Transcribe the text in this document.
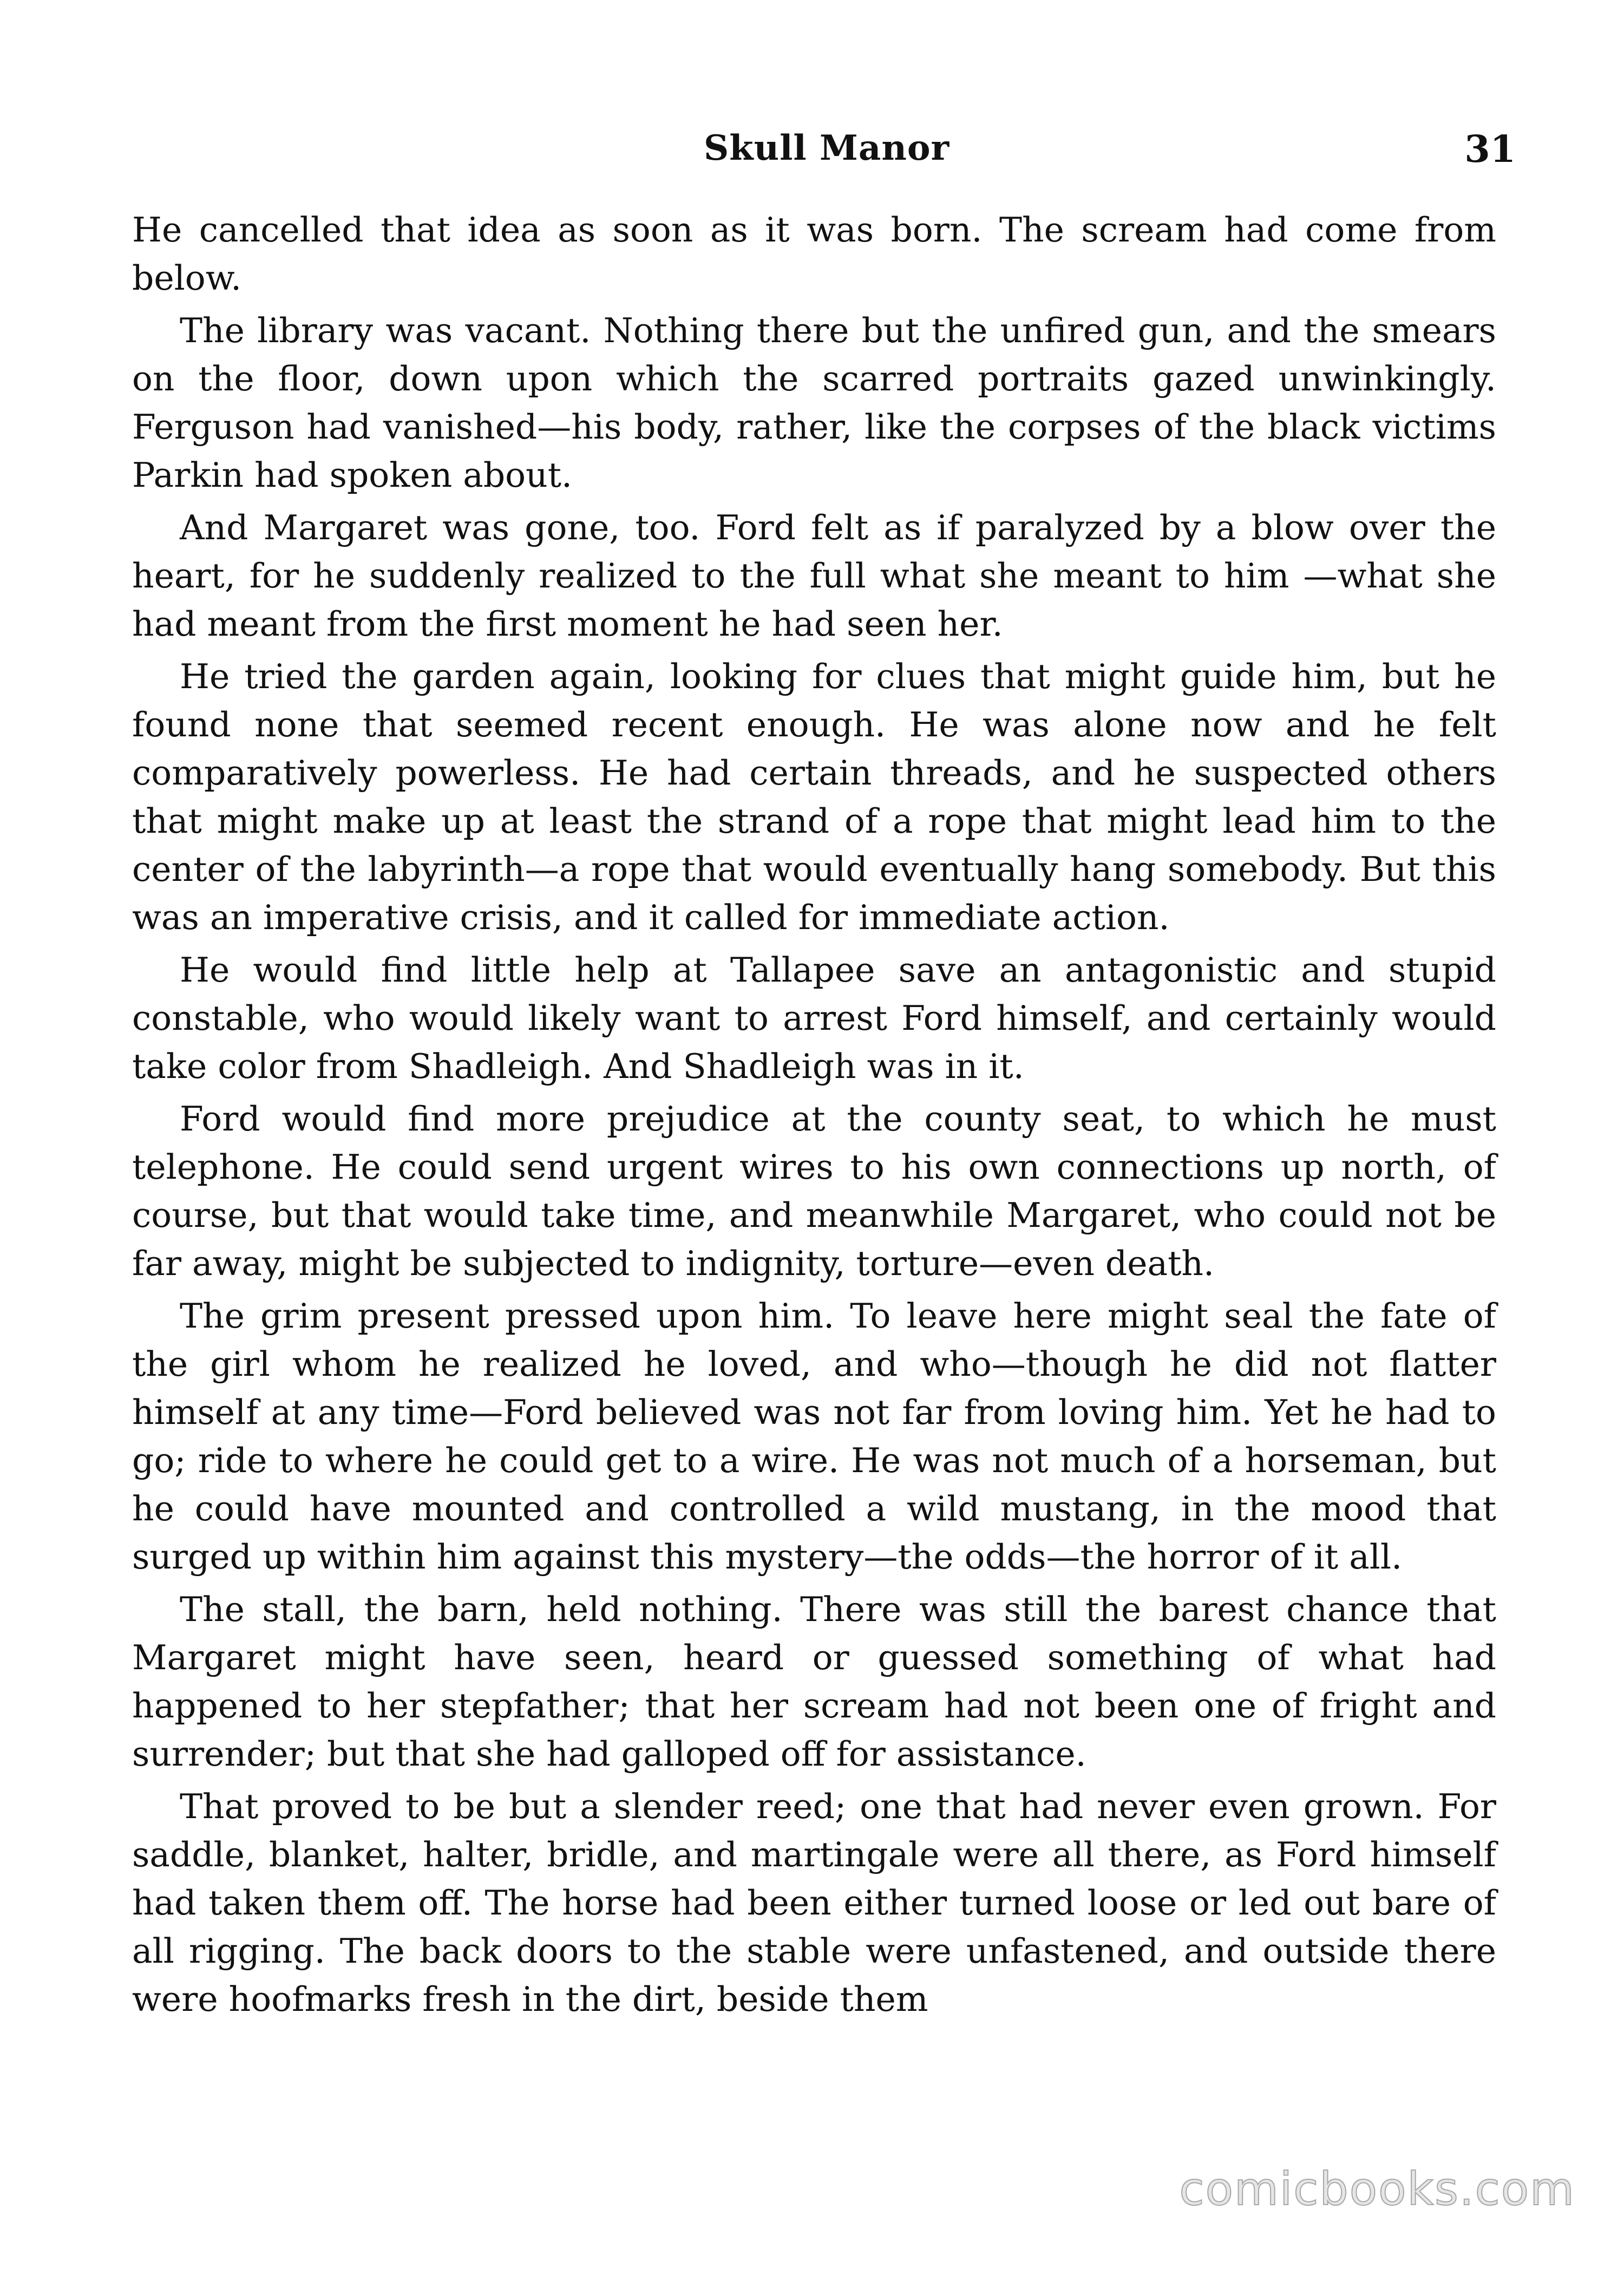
Skull Manor	31

He cancelled that idea as soon as it was born. The scream had come from below.

The library was vacant. Nothing there but the unfired gun, and the smears on the floor, down upon which the scarred portraits gazed unwinkingly. Ferguson had vanished—his body, rather, like the corpses of the black victims Parkin had spoken about.

And Margaret was gone, too. Ford felt as if paralyzed by a blow over the heart, for he suddenly realized to the full what she meant to him —what she had meant from the first moment he had seen her.

He tried the garden again, looking for clues that might guide him, but he found none that seemed recent enough. He was alone now and he felt comparatively powerless. He had certain threads, and he suspected others that might make up at least the strand of a rope that might lead him to the center of the labyrinth—a rope that would eventually hang somebody. But this was an imperative crisis, and it called for immediate action.

He would find little help at Tallapee save an antagonistic and stupid constable, who would likely want to arrest Ford himself, and certainly would take color from Shadleigh. And Shadleigh was in it.

Ford would find more prejudice at the county seat, to which he must telephone. He could send urgent wires to his own connections up north, of course, but that would take time, and meanwhile Margaret, who could not be far away, might be subjected to indignity, torture—even death.

The grim present pressed upon him. To leave here might seal the fate of the girl whom he realized he loved, and who—though he did not flatter himself at any time—Ford believed was not far from loving him. Yet he had to go; ride to where he could get to a wire. He was not much of a horseman, but he could have mounted and controlled a wild mustang, in the mood that surged up within him against this mystery—the odds—the horror of it all.

The stall, the barn, held nothing. There was still the barest chance that Margaret might have seen, heard or guessed something of what had happened to her stepfather; that her scream had not been one of fright and surrender; but that she had galloped off for assistance.

That proved to be but a slender reed; one that had never even grown. For saddle, blanket, halter, bridle, and martingale were all there, as Ford himself had taken them off. The horse had been either turned loose or led out bare of all rigging. The back doors to the stable were unfastened, and outside there were hoofmarks fresh in the dirt, beside them

comicbooks.com
